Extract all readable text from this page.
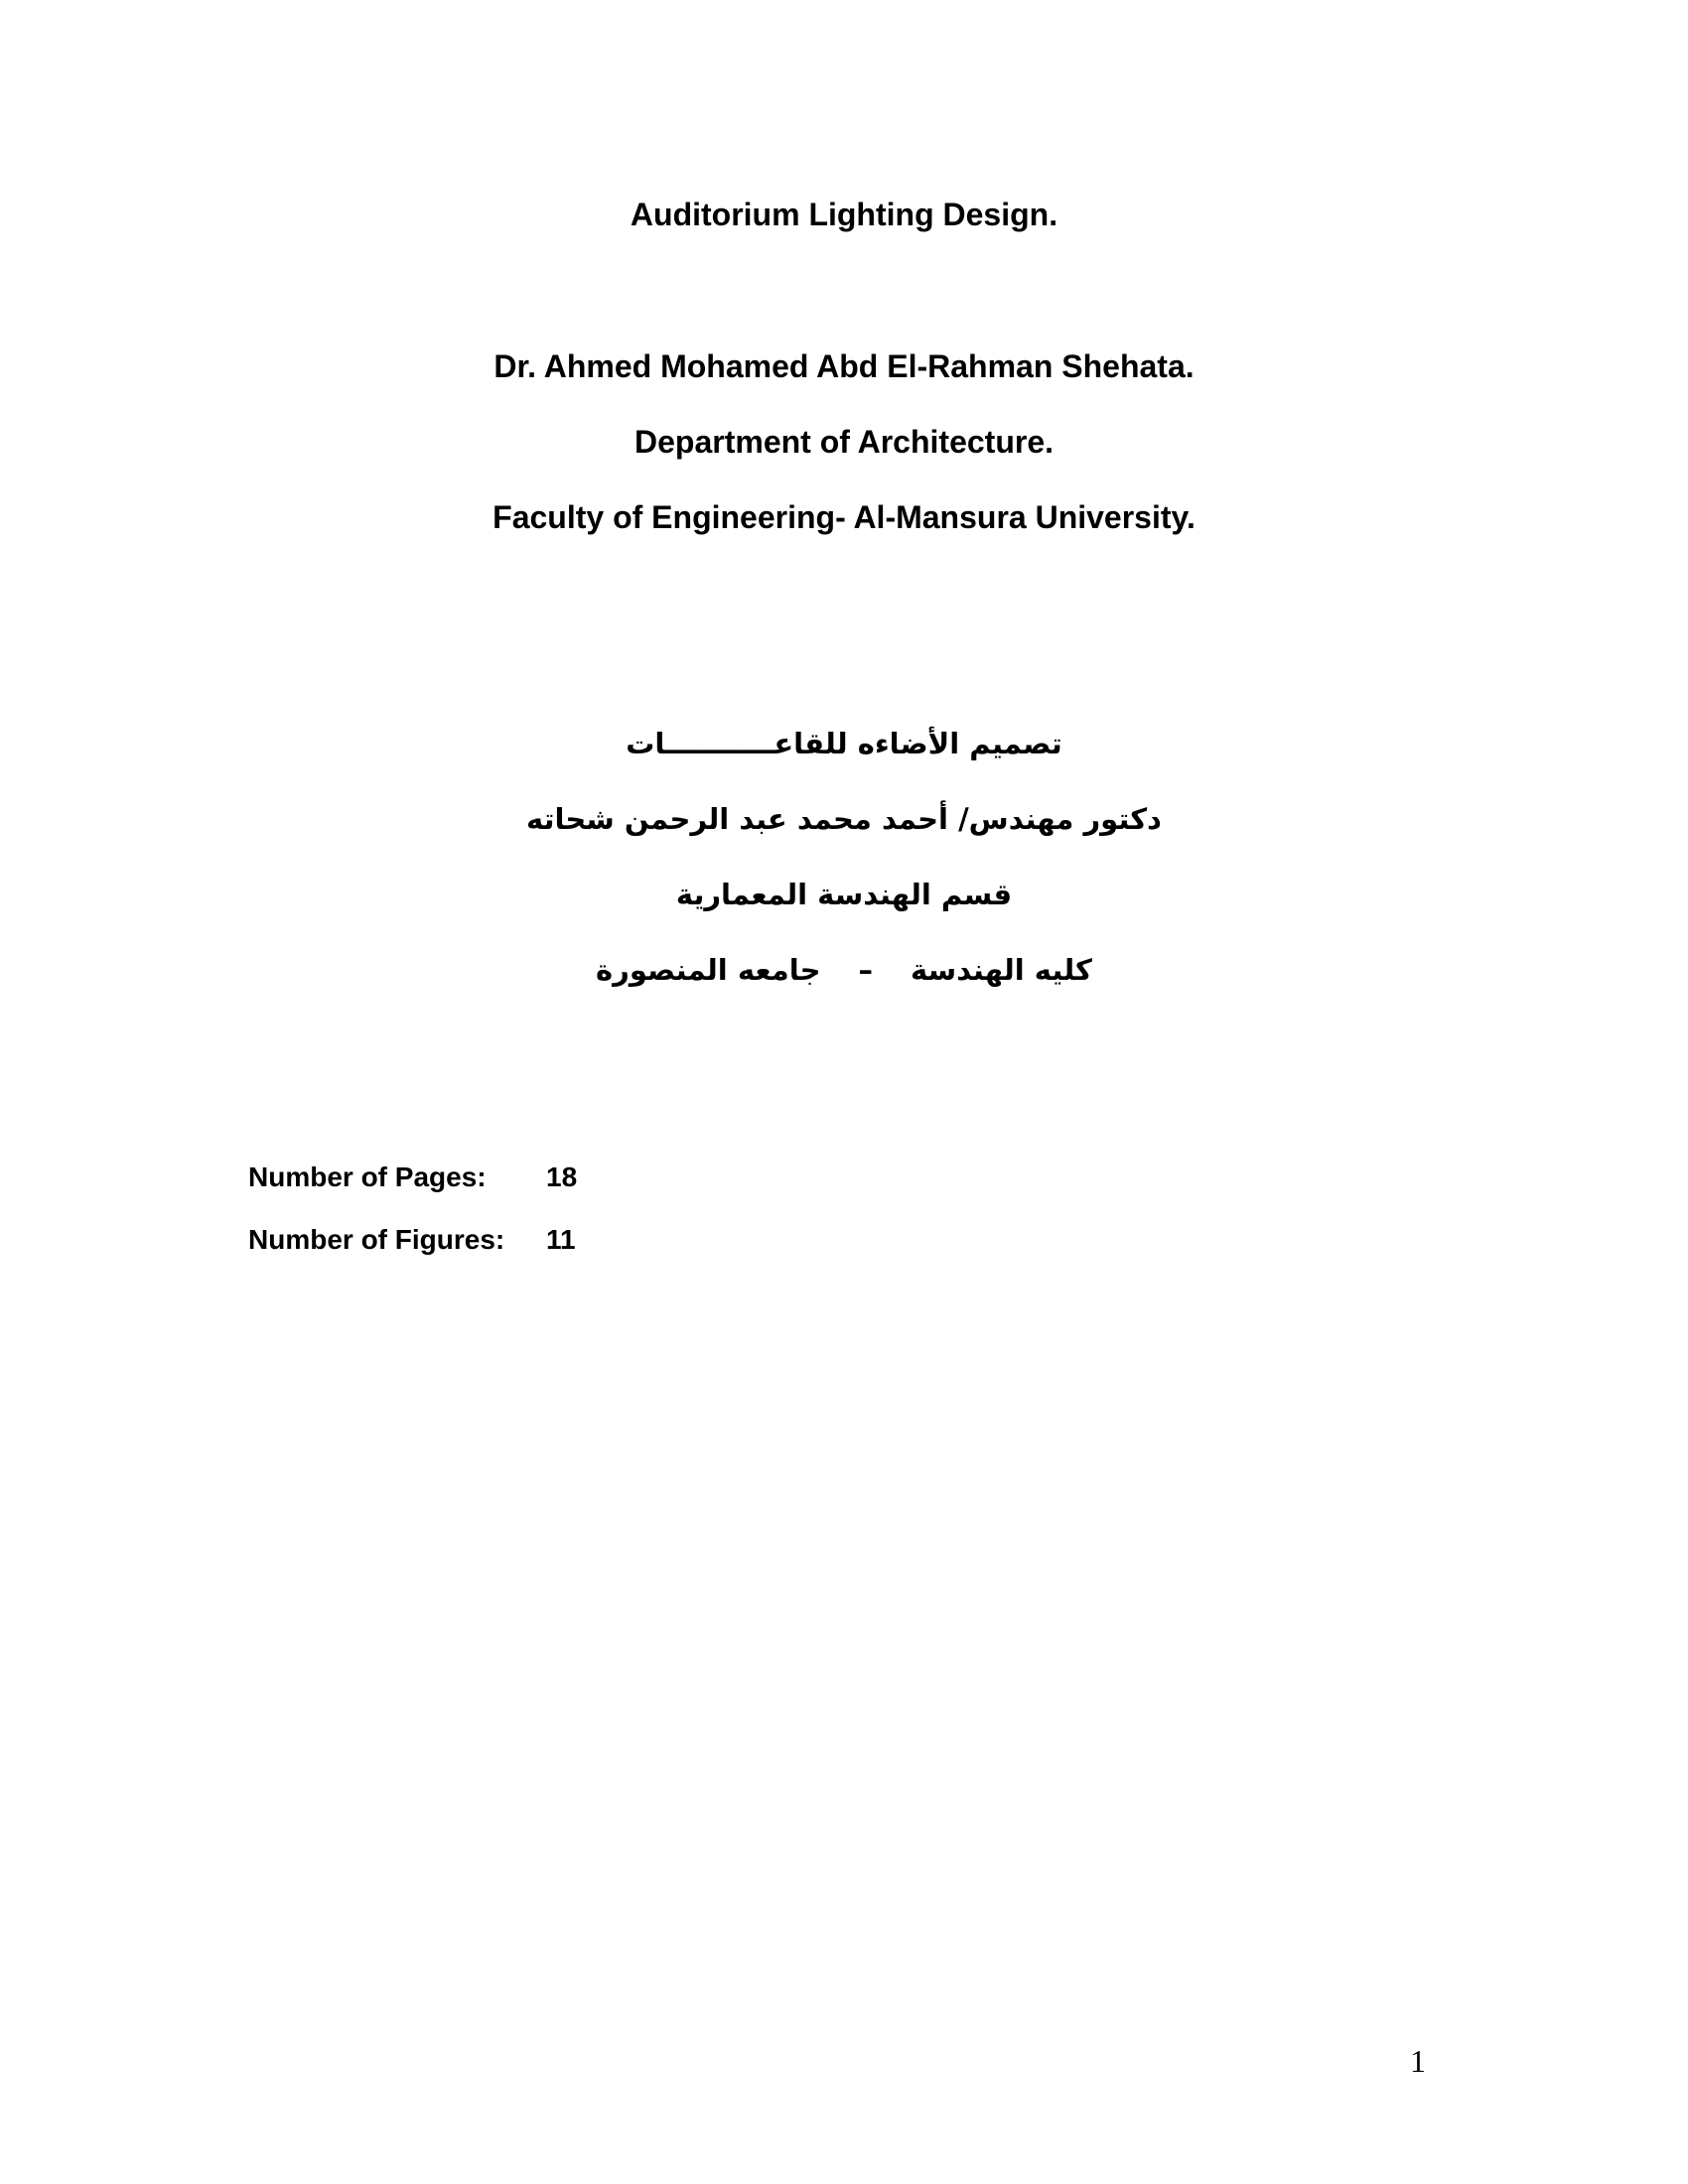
Auditorium Lighting Design.
Dr. Ahmed Mohamed Abd El-Rahman Shehata.
Department of Architecture.
Faculty of Engineering- Al-Mansura University.
تصميم الأضاءه للقاعـــــــــــات
دكتور مهندس/ أحمد محمد عبد الرحمن شحاته
قسم الهندسة المعمارية
كليه الهندسة–جامعه المنصورة
Number of Pages: 18
Number of Figures: 11
1
